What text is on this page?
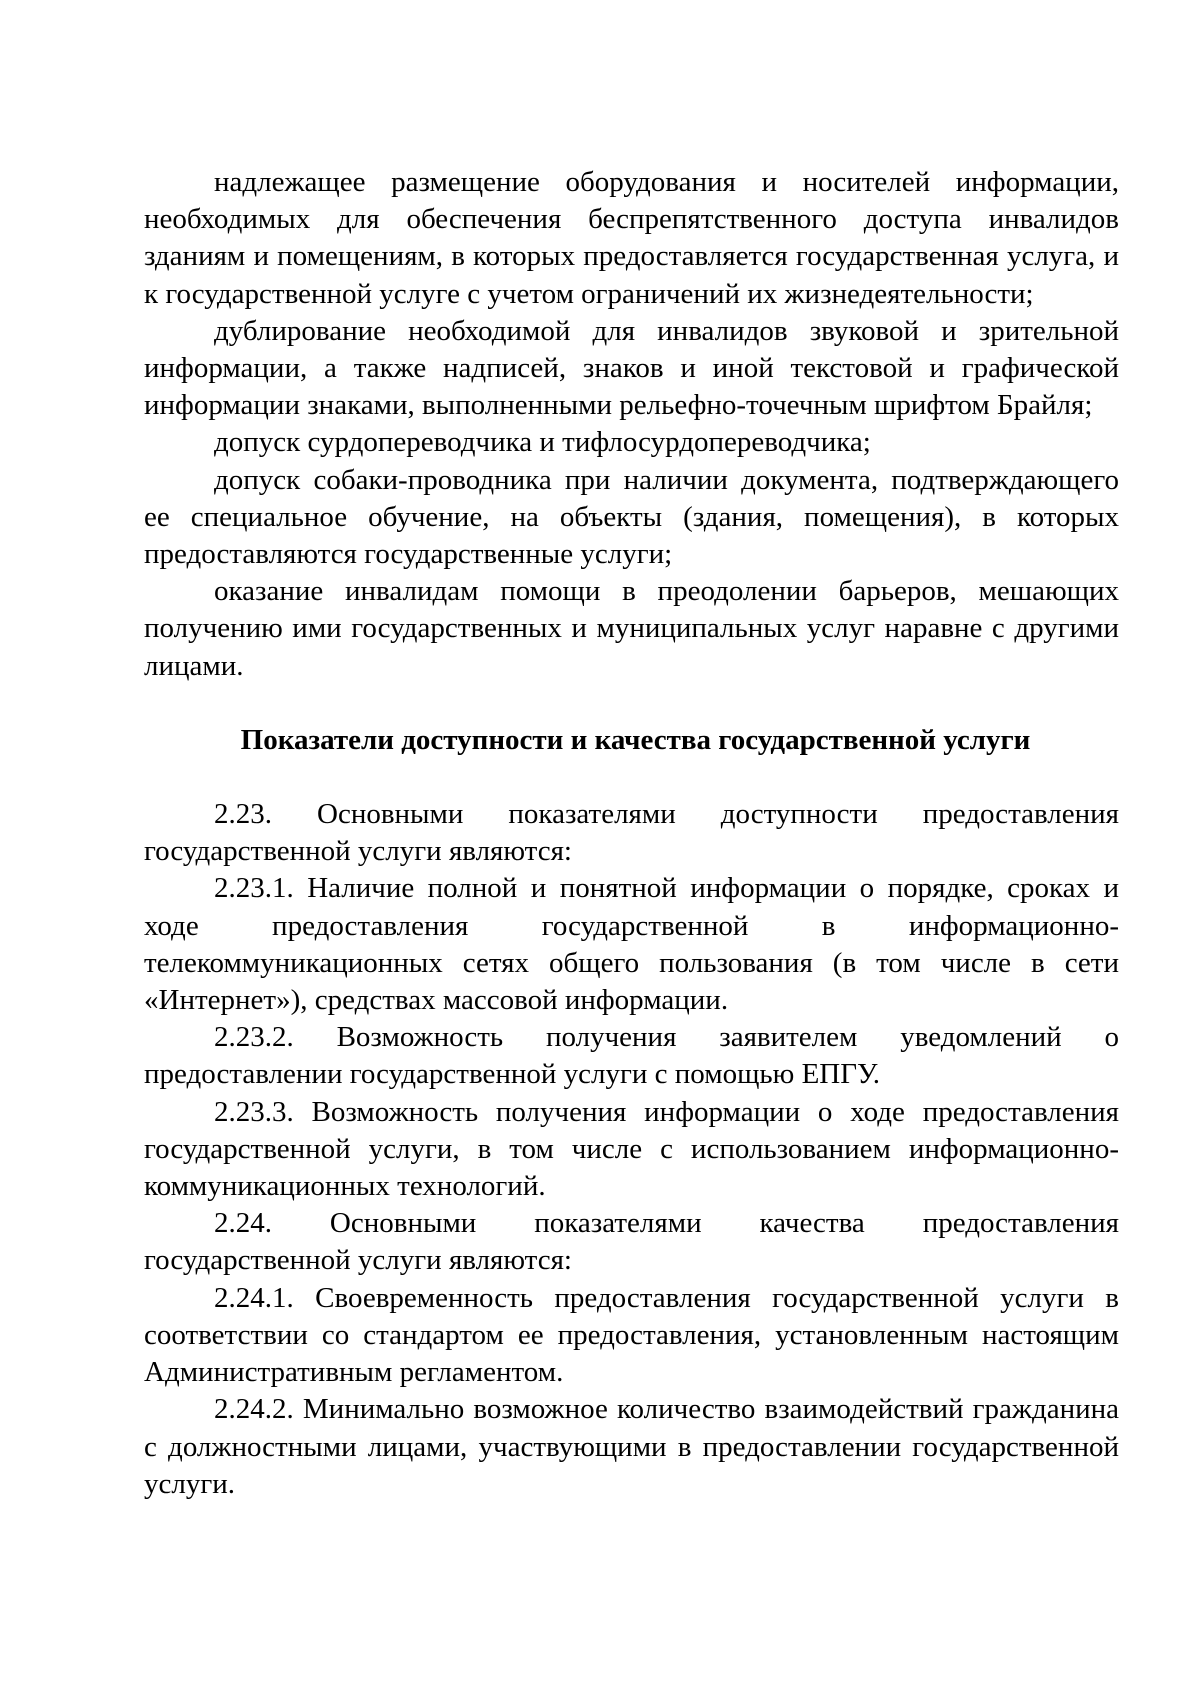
надлежащее размещение оборудования и носителей информации, необходимых для обеспечения беспрепятственного доступа инвалидов зданиям и помещениям, в которых предоставляется государственная услуга, и к государственной услуге с учетом ограничений их жизнедеятельности;

дублирование необходимой для инвалидов звуковой и зрительной информации, а также надписей, знаков и иной текстовой и графической информации знаками, выполненными рельефно-точечным шрифтом Брайля;

допуск сурдопереводчика и тифлосурдопереводчика;

допуск собаки-проводника при наличии документа, подтверждающего ее специальное обучение, на объекты (здания, помещения), в которых предоставляются государственные услуги;

оказание инвалидам помощи в преодолении барьеров, мешающих получению ими государственных и муниципальных услуг наравне с другими лицами.

Показатели доступности и качества государственной услуги

2.23. Основными показателями доступности предоставления государственной услуги являются:

2.23.1. Наличие полной и понятной информации о порядке, сроках и ходе предоставления государственной в информационно-телекоммуникационных сетях общего пользования (в том числе в сети «Интернет»), средствах массовой информации.

2.23.2. Возможность получения заявителем уведомлений о предоставлении государственной услуги с помощью ЕПГУ.

2.23.3. Возможность получения информации о ходе предоставления государственной услуги, в том числе с использованием информационно-коммуникационных технологий.

2.24. Основными показателями качества предоставления государственной услуги являются:

2.24.1. Своевременность предоставления государственной услуги в соответствии со стандартом ее предоставления, установленным настоящим Административным регламентом.

2.24.2. Минимально возможное количество взаимодействий гражданина с должностными лицами, участвующими в предоставлении государственной услуги.
